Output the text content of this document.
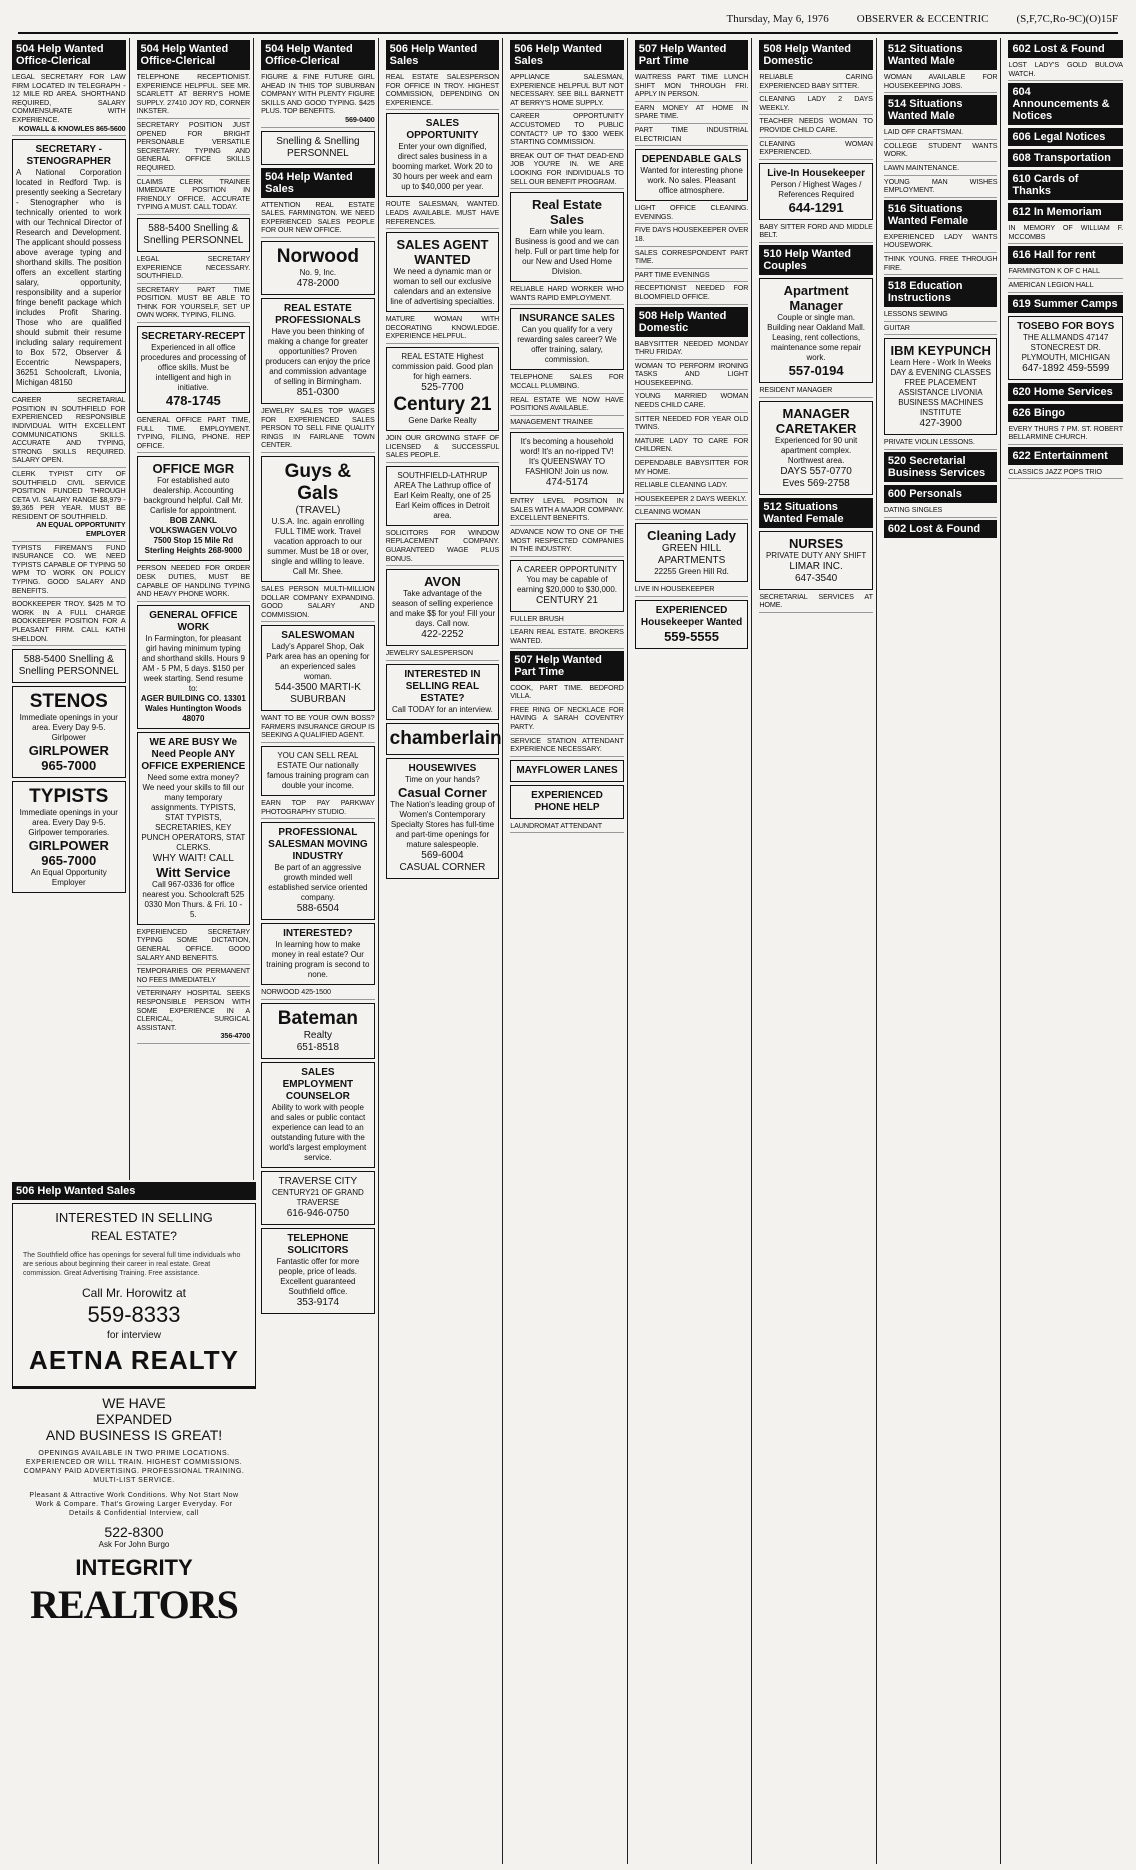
Thursday, May 6, 1976	OBSERVER & ECCENTRIC	(S,F,7C,Ro-9C)(O)15F
504 Help Wanted Office-Clerical

LEGAL SECRETARY FOR LAW FIRM LOCATED IN TELEGRAPH - 12 MILE RD AREA. SHORTHAND REQUIRED, SALARY COMMENSURATE WITH EXPERIENCE.

KOWALL & KNOWLES 865-5600
SECRETARY - STENOGRAPHER
A National Corporation located in Redford Twp. is presently seeking a Secretary - Stenographer who is technically oriented to work with our Technical Director of Research and Development. The applicant should possess above average typing and shorthand skills. The position offers an excellent starting salary, opportunity, responsibility and a superior fringe benefit package which includes Profit Sharing. Those who are qualified should submit their resume including salary requirement to Box 572, Observer & Eccentric Newspapers, 36251 Schoolcraft, Livonia, Michigan 48150

CAREER SECRETARIAL POSITION IN SOUTHFIELD FOR EXPERIENCED RESPONSIBLE INDIVIDUAL WITH EXCELLENT COMMUNICATIONS SKILLS. ACCURATE AND TYPING, STRONG SKILLS REQUIRED. SALARY OPEN.

CLERK TYPIST CITY OF SOUTHFIELD CIVIL SERVICE POSITION FUNDED THROUGH CETA VI. SALARY RANGE $8,979 - $9,365 PER YEAR. MUST BE RESIDENT OF SOUTHFIELD.

AN EQUAL OPPORTUNITY EMPLOYER

TYPISTS FIREMAN'S FUND INSURANCE CO. WE NEED TYPISTS CAPABLE OF TYPING 50 WPM TO WORK ON POLICY TYPING. GOOD SALARY AND BENEFITS.

BOOKKEEPER TROY. $425 M TO WORK IN A FULL CHARGE BOOKKEEPER POSITION FOR A PLEASANT FIRM. CALL KATHI SHELDON.

588-5400 Snelling & Snelling PERSONNEL
STENOS
Immediate openings in your area. Every Day 9-5. Girlpower
GIRLPOWER
965-7000
TYPISTS
Immediate openings in your area. Every Day 9-5. Girlpower temporaries.
GIRLPOWER
965-7000
An Equal Opportunity Employer
504 Help Wanted Office-Clerical

TELEPHONE RECEPTIONIST. EXPERIENCE HELPFUL. SEE MR. SCARLETT AT BERRY'S HOME SUPPLY. 27410 JOY RD, CORNER INKSTER.

SECRETARY POSITION JUST OPENED FOR BRIGHT PERSONABLE VERSATILE SECRETARY. TYPING AND GENERAL OFFICE SKILLS REQUIRED.

CLAIMS CLERK TRAINEE IMMEDIATE POSITION IN FRIENDLY OFFICE. ACCURATE TYPING A MUST. CALL TODAY.

588-5400 Snelling & Snelling PERSONNEL

LEGAL SECRETARY EXPERIENCE NECESSARY. SOUTHFIELD.

SECRETARY PART TIME POSITION. MUST BE ABLE TO THINK FOR YOURSELF, SET UP OWN WORK. TYPING, FILING.

SECRETARY-RECEPT
Experienced in all office procedures and processing of office skills. Must be intelligent and high in initiative.
478-1745

GENERAL OFFICE PART TIME, FULL TIME. EMPLOYMENT. TYPING, FILING, PHONE. REP OFFICE.

OFFICE MGR
For established auto dealership. Accounting background helpful. Call Mr. Carlisle for appointment.
BOB ZANKL VOLKSWAGEN VOLVO 7500 Stop 15 Mile Rd Sterling Heights 268-9000

PERSON NEEDED FOR ORDER DESK DUTIES, MUST BE CAPABLE OF HANDLING TYPING AND HEAVY PHONE WORK.

GENERAL OFFICE WORK
In Farmington, for pleasant girl having minimum typing and shorthand skills. Hours 9 AM - 5 PM, 5 days. $150 per week starting. Send resume to:
AGER BUILDING CO. 13301 Wales Huntington Woods 48070
WE ARE BUSY We Need People ANY OFFICE EXPERIENCE
Need some extra money? We need your skills to fill our many temporary assignments. TYPISTS, STAT TYPISTS, SECRETARIES, KEY PUNCH OPERATORS, STAT CLERKS.
WHY WAIT! CALL
Witt Service
Call 967-0336 for office nearest you. Schoolcraft 525 0330 Mon Thurs. & Fri. 10 - 5.

EXPERIENCED SECRETARY TYPING SOME DICTATION, GENERAL OFFICE. GOOD SALARY AND BENEFITS.

TEMPORARIES OR PERMANENT NO FEES IMMEDIATELY

VETERINARY HOSPITAL SEEKS RESPONSIBLE PERSON WITH SOME EXPERIENCE IN A CLERICAL, SURGICAL ASSISTANT.

356-4700
504 Help Wanted Office-Clerical

FIGURE & FINE FUTURE GIRL AHEAD IN THIS TOP SUBURBAN COMPANY WITH PLENTY FIGURE SKILLS AND GOOD TYPING. $425 PLUS. TOP BENEFITS.

569-0400
Snelling & Snelling PERSONNEL
504 Help Wanted Sales

ATTENTION REAL ESTATE SALES. FARMINGTON. WE NEED EXPERIENCED SALES PEOPLE FOR OUR NEW OFFICE.

Norwood
No. 9, Inc.
478-2000
REAL ESTATE PROFESSIONALS
Have you been thinking of making a change for greater opportunities? Proven producers can enjoy the price and commission advantage of selling in Birmingham.
851-0300

JEWELRY SALES TOP WAGES FOR EXPERIENCED SALES PERSON TO SELL FINE QUALITY RINGS IN FAIRLANE TOWN CENTER.

Guys & Gals
(TRAVEL)
U.S.A. Inc. again enrolling FULL TIME work. Travel vacation approach to our summer. Must be 18 or over, single and willing to leave. Call Mr. Shee.

SALES PERSON MULTI-MILLION DOLLAR COMPANY EXPANDING. GOOD SALARY AND COMMISSION.

SALESWOMAN
Lady's Apparel Shop, Oak Park area has an opening for an experienced sales woman.
544-3500 MARTI-K SUBURBAN

WANT TO BE YOUR OWN BOSS? FARMERS INSURANCE GROUP IS SEEKING A QUALIFIED AGENT.

YOU CAN SELL REAL ESTATE Our nationally famous training program can double your income.

EARN TOP PAY PARKWAY PHOTOGRAPHY STUDIO.

PROFESSIONAL SALESMAN MOVING INDUSTRY
Be part of an aggressive growth minded well established service oriented company.
588-6504
INTERESTED?
In learning how to make money in real estate? Our training program is second to none.

NORWOOD 425-1500

Bateman
Realty
651-8518
SALES EMPLOYMENT COUNSELOR
Ability to work with people and sales or public contact experience can lead to an outstanding future with the world's largest employment service.
TRAVERSE CITY
CENTURY21 OF GRAND TRAVERSE
616-946-0750
TELEPHONE SOLICITORS
Fantastic offer for more people, price of leads. Excellent guaranteed Southfield office.
353-9174
506 Help Wanted Sales

REAL ESTATE SALESPERSON FOR OFFICE IN TROY. HIGHEST COMMISSION, DEPENDING ON EXPERIENCE.

SALES OPPORTUNITY
Enter your own dignified, direct sales business in a booming market. Work 20 to 30 hours per week and earn up to $40,000 per year.

ROUTE SALESMAN, WANTED. LEADS AVAILABLE. MUST HAVE REFERENCES.

SALES AGENT WANTED
We need a dynamic man or woman to sell our exclusive calendars and an extensive line of advertising specialties.

MATURE WOMAN WITH DECORATING KNOWLEDGE. EXPERIENCE HELPFUL.

REAL ESTATE Highest commission paid. Good plan for high earners.
525-7700
Century 21
Gene Darke Realty

JOIN OUR GROWING STAFF OF LICENSED & SUCCESSFUL SALES PEOPLE.

SOUTHFIELD-LATHRUP AREA The Lathrup office of Earl Keim Realty, one of 25 Earl Keim offices in Detroit area.

SOLICITORS FOR WINDOW REPLACEMENT COMPANY. GUARANTEED WAGE PLUS BONUS.

AVON
Take advantage of the season of selling experience and make $$ for you! Fill your days. Call now.
422-2252

JEWELRY SALESPERSON

INTERESTED IN SELLING REAL ESTATE?
Call TODAY for an interview.
chamberlain
HOUSEWIVES
Time on your hands?
Casual Corner
The Nation's leading group of Women's Contemporary Specialty Stores has full-time and part-time openings for mature salespeople.
569-6004
CASUAL CORNER
506 Help Wanted Sales

APPLIANCE SALESMAN, EXPERIENCE HELPFUL BUT NOT NECESSARY. SEE BILL BARNETT AT BERRY'S HOME SUPPLY.

CAREER OPPORTUNITY ACCUSTOMED TO PUBLIC CONTACT? UP TO $300 WEEK STARTING COMMISSION.

BREAK OUT OF THAT DEAD-END JOB YOU'RE IN. WE ARE LOOKING FOR INDIVIDUALS TO SELL OUR BENEFIT PROGRAM.

Real Estate Sales
Earn while you learn. Business is good and we can help. Full or part time help for our New and Used Home Division.

RELIABLE HARD WORKER WHO WANTS RAPID EMPLOYMENT.

INSURANCE SALES
Can you qualify for a very rewarding sales career? We offer training, salary, commission.

TELEPHONE SALES FOR MCCALL PLUMBING.

REAL ESTATE WE NOW HAVE POSITIONS AVAILABLE.

MANAGEMENT TRAINEE

It's becoming a household word! It's an no-ripped TV! It's QUEENSWAY TO FASHION! Join us now.
474-5174

ENTRY LEVEL POSITION IN SALES WITH A MAJOR COMPANY. EXCELLENT BENEFITS.

ADVANCE NOW TO ONE OF THE MOST RESPECTED COMPANIES IN THE INDUSTRY.

A CAREER OPPORTUNITY You may be capable of earning $20,000 to $30,000.
CENTURY 21

FULLER BRUSH

LEARN REAL ESTATE. BROKERS WANTED.

507 Help Wanted Part Time

COOK, PART TIME. BEDFORD VILLA.

FREE RING OF NECKLACE FOR HAVING A SARAH COVENTRY PARTY.

SERVICE STATION ATTENDANT EXPERIENCE NECESSARY.

MAYFLOWER LANES
EXPERIENCED PHONE HELP

LAUNDROMAT ATTENDANT

507 Help Wanted Part Time

WAITRESS PART TIME LUNCH SHIFT MON THROUGH FRI. APPLY IN PERSON.

EARN MONEY AT HOME IN SPARE TIME.

PART TIME INDUSTRIAL ELECTRICIAN

DEPENDABLE GALS
Wanted for interesting phone work. No sales. Pleasant office atmosphere.

LIGHT OFFICE CLEANING. EVENINGS.

FIVE DAYS HOUSEKEEPER OVER 18.

SALES CORRESPONDENT PART TIME.

PART TIME EVENINGS

RECEPTIONIST NEEDED FOR BLOOMFIELD OFFICE.

508 Help Wanted Domestic

BABYSITTER NEEDED MONDAY THRU FRIDAY.

WOMAN TO PERFORM IRONING TASKS AND LIGHT HOUSEKEEPING.

YOUNG MARRIED WOMAN NEEDS CHILD CARE.

SITTER NEEDED FOR YEAR OLD TWINS.

MATURE LADY TO CARE FOR CHILDREN.

DEPENDABLE BABYSITTER FOR MY HOME.

RELIABLE CLEANING LADY.

HOUSEKEEPER 2 DAYS WEEKLY.

CLEANING WOMAN

Cleaning Lady
GREEN HILL APARTMENTS
22255 Green Hill Rd.

LIVE IN HOUSEKEEPER

EXPERIENCED Housekeeper Wanted
559-5555
508 Help Wanted Domestic

RELIABLE CARING EXPERIENCED BABY SITTER.

CLEANING LADY 2 DAYS WEEKLY.

TEACHER NEEDS WOMAN TO PROVIDE CHILD CARE.

CLEANING WOMAN EXPERIENCED.

Live-In Housekeeper
Person / Highest Wages / References Required
644-1291

BABY SITTER FORD AND MIDDLE BELT.

510 Help Wanted Couples
Apartment Manager
Couple or single man. Building near Oakland Mall. Leasing, rent collections, maintenance some repair work.
557-0194

RESIDENT MANAGER

MANAGER CARETAKER
Experienced for 90 unit apartment complex. Northwest area.
DAYS 557-0770
Eves 569-2758
512 Situations Wanted Female
NURSES
PRIVATE DUTY ANY SHIFT
LIMAR INC.
647-3540

SECRETARIAL SERVICES AT HOME.

512 Situations Wanted Male

WOMAN AVAILABLE FOR HOUSEKEEPING JOBS.

514 Situations Wanted Male

LAID OFF CRAFTSMAN.

COLLEGE STUDENT WANTS WORK.

LAWN MAINTENANCE.

YOUNG MAN WISHES EMPLOYMENT.

516 Situations Wanted Female

EXPERIENCED LADY WANTS HOUSEWORK.

THINK YOUNG. FREE THROUGH FIRE.

518 Education Instructions

LESSONS SEWING

GUITAR

IBM KEYPUNCH
Learn Here - Work In Weeks DAY & EVENING CLASSES FREE PLACEMENT ASSISTANCE LIVONIA BUSINESS MACHINES INSTITUTE
427-3900

PRIVATE VIOLIN LESSONS.

520 Secretarial Business Services
600 Personals

DATING SINGLES

602 Lost & Found
602 Lost & Found

LOST LADY'S GOLD BULOVA WATCH.

604 Announcements & Notices
606 Legal Notices
608 Transportation
610 Cards of Thanks
612 In Memoriam

IN MEMORY OF WILLIAM F. MCCOMBS

616 Hall for rent

FARMINGTON K OF C HALL

AMERICAN LEGION HALL

619 Summer Camps
TOSEBO FOR BOYS
THE ALLMANDS 47147 STONECREST DR. PLYMOUTH, MICHIGAN
647-1892 459-5599
620 Home Services
626 Bingo

EVERY THURS 7 PM. ST. ROBERT BELLARMINE CHURCH.

622 Entertainment

CLASSICS JAZZ POPS TRIO

506 Help Wanted Sales
INTERESTED IN SELLING
REAL ESTATE?
The Southfield office has openings for several full time individuals who are serious about beginning their career in real estate. Great commission. Great Advertising Training. Free assistance.
Call Mr. Horowitz at
559-8333
for interview
AETNA REALTY
WE HAVE
EXPANDED
AND BUSINESS IS GREAT!
OPENINGS AVAILABLE IN TWO PRIME LOCATIONS. EXPERIENCED OR WILL TRAIN. HIGHEST COMMISSIONS. COMPANY PAID ADVERTISING. PROFESSIONAL TRAINING. MULTI-LIST SERVICE.
Pleasant & Attractive Work Conditions. Why Not Start Now Work & Compare. That's Growing Larger Everyday. For Details & Confidential Interview, call
522-8300
Ask For John Burgo
INTEGRITY
REALTORS
